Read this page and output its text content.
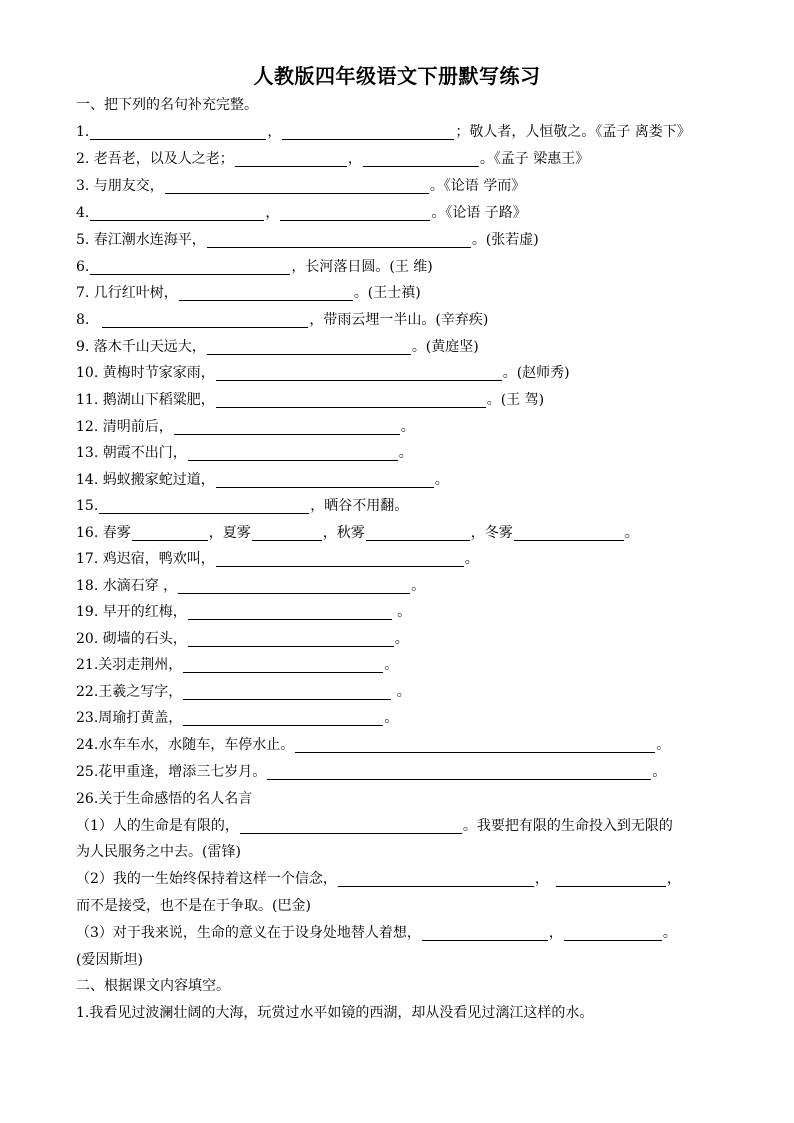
人教版四年级语文下册默写练习
一、把下列的名句补充完整。
1.	，	；敬人者，人恒敬之。《孟子 离娄下》
2. 老吾老，以及人之老；	，	。《孟子 梁惠王》
3. 与朋友交，	。《论语 学而》
4.	，	。《论语 子路》
5. 春江潮水连海平，	。(张若虚)
6.	，长河落日圆。(王 维)
7. 几行红叶树，	。(王士禛)
8.	，带雨云埋一半山。(辛弃疾)
9. 落木千山天远大，	。(黄庭坚)
10. 黄梅时节家家雨，	。(赵师秀)
11. 鹅湖山下稻粱肥，	。(王 驾)
12. 清明前后，	。
13. 朝霞不出门，	。
14. 蚂蚁搬家蛇过道，	。
15.	，晒谷不用翻。
16. 春雾	，夏雾	，秋雾	，冬雾	。
17. 鸡迟宿，鸭欢叫，	。
18. 水滴石穿 ，	。
19. 早开的红梅，	。
20. 砌墙的石头，	。
21.关羽走荆州，	。
22.王羲之写字，	。
23.周瑜打黄盖，	。
24.水车车水，水随车，车停水止。	。
25.花甲重逢，增添三七岁月。	。
26.关于生命感悟的名人名言
（1）人的生命是有限的，	。我要把有限的生命投入到无限的
为人民服务之中去。(雷锋)
（2）我的一生始终保持着这样一个信念，	，	，
而不是接受，也不是在于争取。(巴金)
（3）对于我来说，生命的意义在于设身处地替人着想，	，	。
(爱因斯坦)
二、根据课文内容填空。
1.我看见过波澜壮阔的大海，玩赏过水平如镜的西湖，却从没看见过漓江这样的水。
